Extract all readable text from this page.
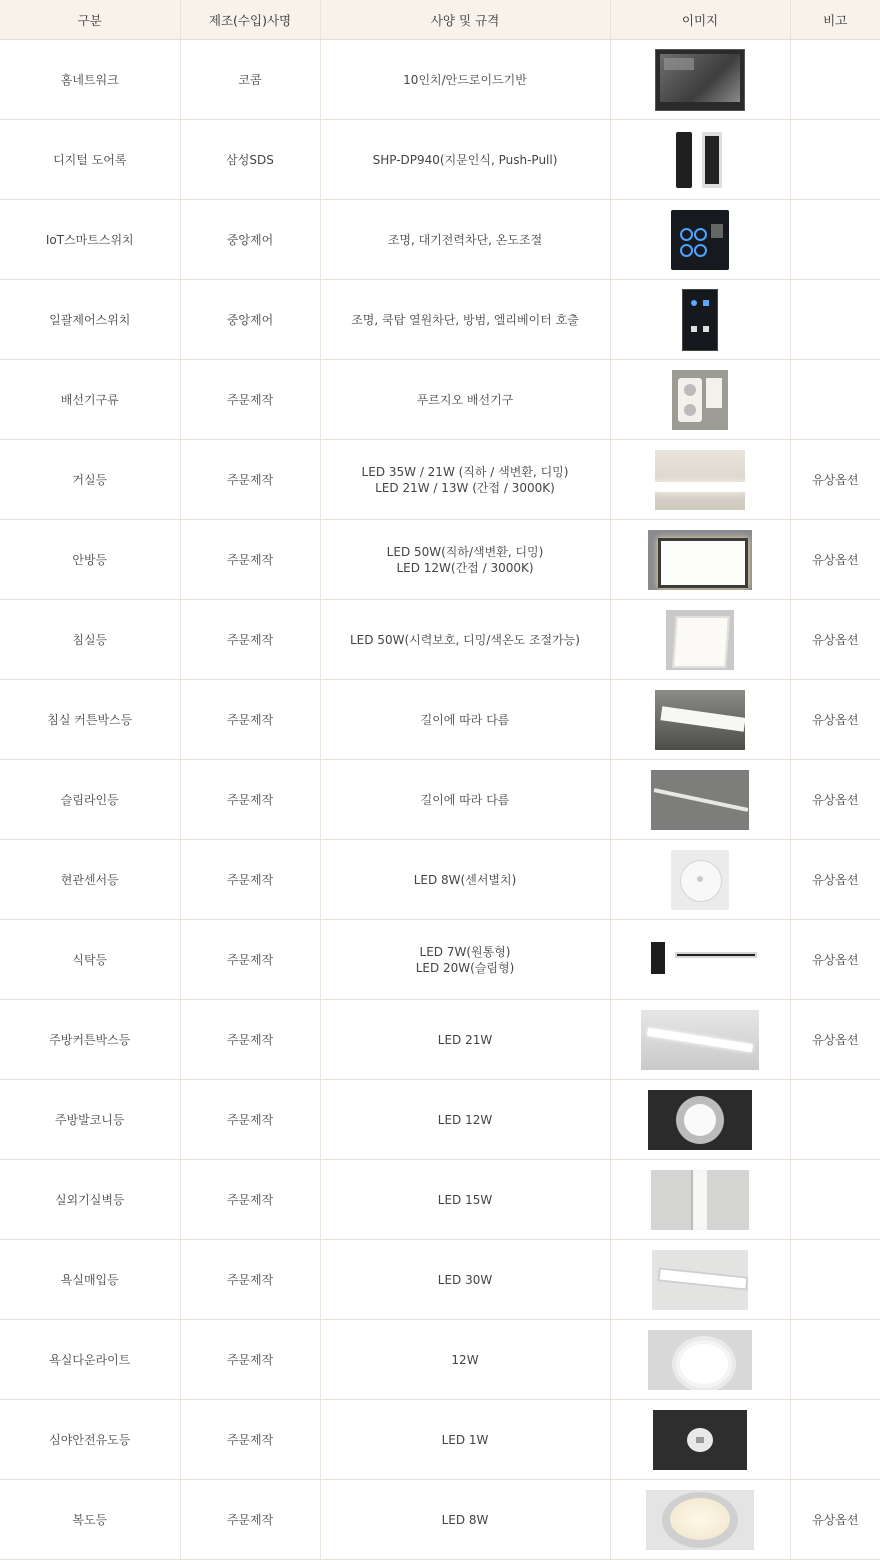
구분	제조(수입)사명	사양 및 규격	이미지	비고
홈네트워크	코콤	10인치/안드로이드기반		

디지털 도어록	삼성SDS	SHP-DP940(지문인식, Push-Pull)		

IoT스마트스위치	중앙제어	조명, 대기전력차단, 온도조절		

일괄제어스위치	중앙제어	조명, 쿡탑 열원차단, 방범, 엘리베이터 호출		

배선기구류	주문제작	푸르지오 배선기구		

거실등	주문제작	LED 35W / 21W (직하 / 색변환, 디밍)
LED 21W / 13W (간접 / 3000K)		유상옵션
안방등	주문제작	LED 50W(직하/색변환, 디밍)
LED 12W(간접 / 3000K)		유상옵션
침실등	주문제작	LED 50W(시력보호, 디밍/색온도 조절가능)		유상옵션
침실 커튼박스등	주문제작	길이에 따라 다름		유상옵션
슬림라인등	주문제작	길이에 따라 다름		유상옵션
현관센서등	주문제작	LED 8W(센서별치)		유상옵션
식탁등	주문제작	LED 7W(원통형)
LED 20W(슬림형)		유상옵션
주방커튼박스등	주문제작	LED 21W		유상옵션
주방발코니등	주문제작	LED 12W		

실외기실벽등	주문제작	LED 15W		

욕실매입등	주문제작	LED 30W		

욕실다운라이트	주문제작	12W		

심야안전유도등	주문제작	LED 1W		

복도등	주문제작	LED 8W		유상옵션
